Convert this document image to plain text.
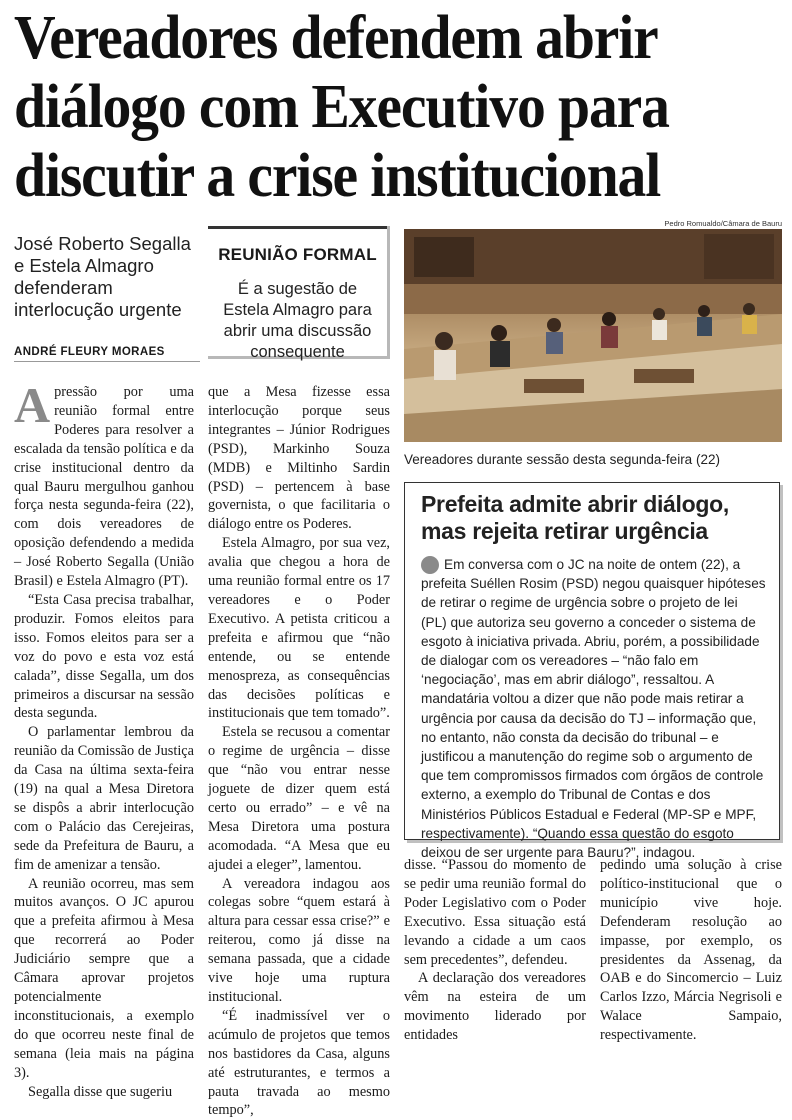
Vereadores defendem abrir
diálogo com Executivo para
discutir a crise institucional
José Roberto Segalla e Estela Almagro defenderam interlocução urgente
ANDRÉ FLEURY MORAES
REUNIÃO FORMAL
É a sugestão de Estela Almagro para abrir uma discussão consequente
Pedro Romualdo/Câmara de Bauru
Vereadores durante sessão desta segunda-feira (22)

Apressão por uma reunião formal entre Poderes para resolver a escalada da tensão política e da crise institucional dentro da qual Bauru mergulhou ganhou força nesta segunda-feira (22), com dois vereadores de oposição defendendo a medida – José Roberto Segalla (União Brasil) e Estela Almagro (PT).

“Esta Casa precisa trabalhar, produzir. Fomos eleitos para isso. Fomos eleitos para ser a voz do povo e esta voz está calada”, disse Segalla, um dos primeiros a discursar na sessão desta segunda.

O parlamentar lembrou da reunião da Comissão de Justiça da Casa na última sexta-feira (19) na qual a Mesa Diretora se dispôs a abrir interlocução com o Palácio das Cerejeiras, sede da Prefeitura de Bauru, a fim de amenizar a tensão.

A reunião ocorreu, mas sem muitos avanços. O JC apurou que a prefeita afirmou à Mesa que recorrerá ao Poder Judiciário sempre que a Câmara aprovar projetos potencialmente inconstitucionais, a exemplo do que ocorreu neste final de semana (leia mais na página 3).

Segalla disse que sugeriu

que a Mesa fizesse essa interlocução porque seus integrantes – Júnior Rodrigues (PSD), Markinho Souza (MDB) e Miltinho Sardin (PSD) – pertencem à base governista, o que facilitaria o diálogo entre os Poderes.

Estela Almagro, por sua vez, avalia que chegou a hora de uma reunião formal entre os 17 vereadores e o Poder Executivo. A petista criticou a prefeita e afirmou que “não entende, ou se entende menospreza, as consequências das decisões políticas e institucionais que tem tomado”.

Estela se recusou a comentar o regime de urgência – disse que “não vou entrar nesse joguete de dizer quem está certo ou errado” – e vê na Mesa Diretora uma postura acomodada. “A Mesa que eu ajudei a eleger”, lamentou.

A vereadora indagou aos colegas sobre “quem estará à altura para cessar essa crise?” e reiterou, como já disse na semana passada, que a cidade vive hoje uma ruptura institucional.

“É inadmissível ver o acúmulo de projetos que temos nos bastidores da Casa, alguns até estruturantes, e termos a pauta travada ao mesmo tempo”,

Prefeita admite abrir diálogo, mas rejeita retirar urgência
Em conversa com o JC na noite de ontem (22), a prefeita Suéllen Rosim (PSD) negou quaisquer hipóteses de retirar o regime de urgência sobre o projeto de lei (PL) que autoriza seu governo a conceder o sistema de esgoto à iniciativa privada. Abriu, porém, a possibilidade de dialogar com os vereadores – “não falo em ‘negociação’, mas em abrir diálogo”, ressaltou. A mandatária voltou a dizer que não pode mais retirar a urgência por causa da decisão do TJ – informação que, no entanto, não consta da decisão do tribunal – e justificou a manutenção do regime sob o argumento de que tem compromissos firmados com órgãos de controle externo, a exemplo do Tribunal de Contas e dos Ministérios Públicos Estadual e Federal (MP-SP e MPF, respectivamente). “Quando essa questão do esgoto deixou de ser urgente para Bauru?”, indagou.

disse. “Passou do momento de se pedir uma reunião formal do Poder Legislativo com o Poder Executivo. Essa situação está levando a cidade a um caos sem precedentes”, defendeu.

A declaração dos vereadores vêm na esteira de um movimento liderado por entidades

pedindo uma solução à crise político-institucional que o município vive hoje. Defenderam resolução ao impasse, por exemplo, os presidentes da Assenag, da OAB e do Sincomercio – Luiz Carlos Izzo, Márcia Negrisoli e Walace Sampaio, respectivamente.
